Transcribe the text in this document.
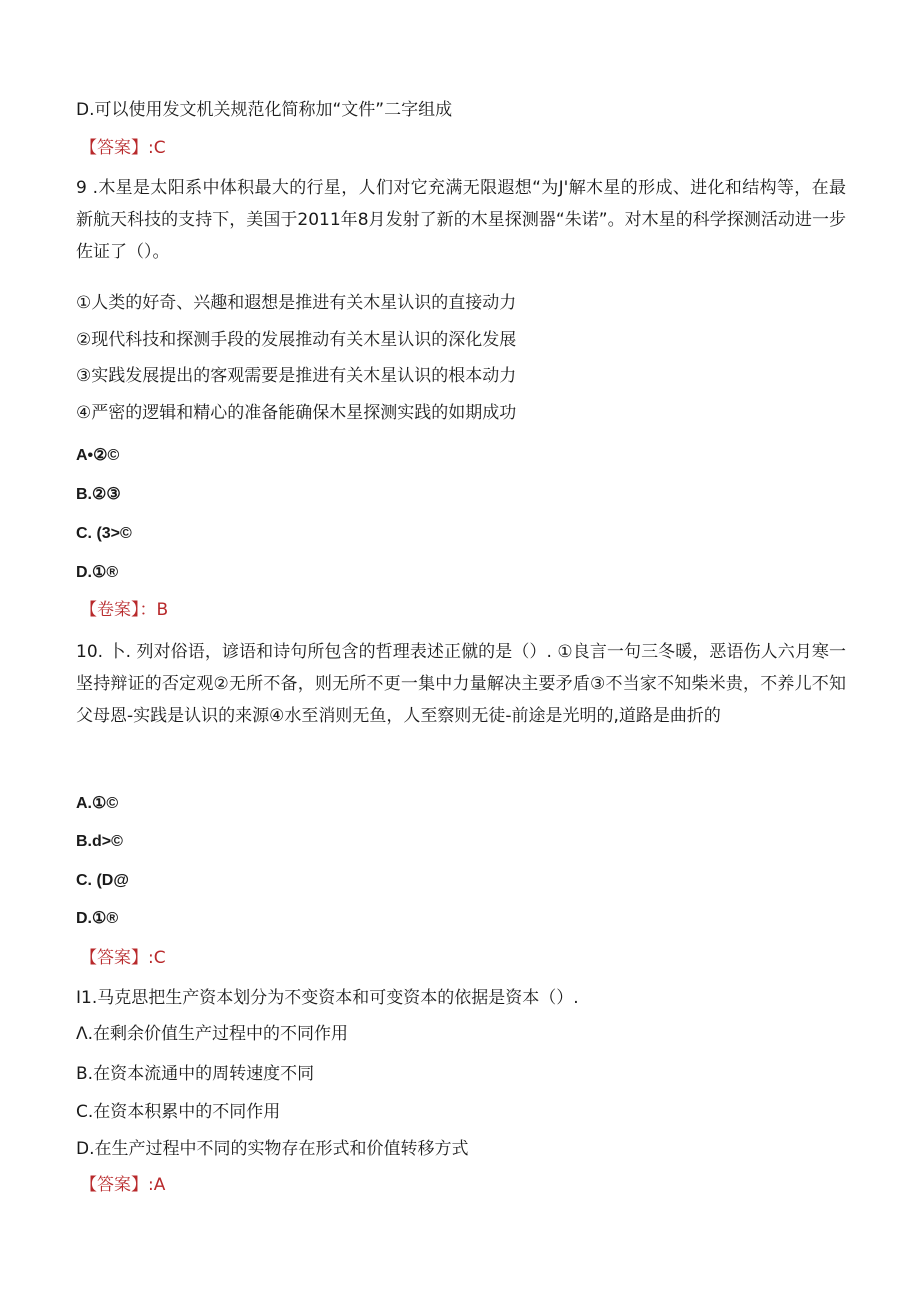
D.可以使用发文机关规范化简称加“文件”二字组成
【答案】:C
9 .木星是太阳系中体积最大的行星，人们对它充满无限遐想“为J'解木星的形成、进化和结构等，在最新航天科技的支持下，美国于2011年8月发射了新的木星探测器“朱诺”。对木星的科学探测活动进一步佐证了（）。
①人类的好奇、兴趣和遐想是推进有关木星认识的直接动力
②现代科技和探测手段的发展推动有关木星认识的深化发展
③实践发展提出的客观需要是推进有关木星认识的根本动力
④严密的逻辑和精心的准备能确保木星探测实践的如期成功
A•②©
B.②③
C. (3>©
D.①®
【卷案】：B
10. 卜. 列对俗语，谚语和诗句所包含的哲理表述正僦的是（）. ①良言一句三冬暖，恶语伤人六月寒一坚持辩证的否定观②无所不备，则无所不更一集中力量解决主要矛盾③不当家不知柴米贵，不养儿不知父母恩-实践是认识的来源④水至消则无鱼，人至察则无徒-前途是光明的,道路是曲折的
A.①©
B.d>©
C. (D@
D.①®
【答案】:C
I1.马克思把生产资本划分为不变资本和可变资本的依据是资本（）.
Λ.在剩余价值生产过程中的不同作用
B.在资本流通中的周转速度不同
C.在资本积累中的不同作用
D.在生产过程中不同的实物存在形式和价值转移方式
【答案】:A
